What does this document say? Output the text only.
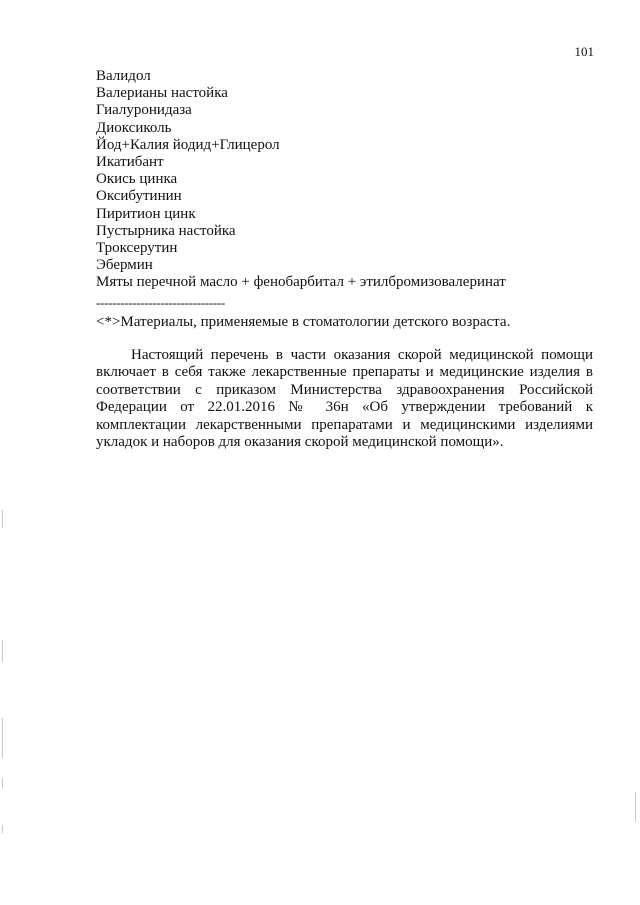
101
Валидол
Валерианы настойка
Гиалуронидаза
Диоксиколь
Йод+Калия йодид+Глицерол
Икатибант
Окись цинка
Оксибутинин
Пиритион цинк
Пустырника настойка
Троксерутин
Эбермин
Мяты перечной масло + фенобарбитал + этилбромизовалеринат
--------------------------------
<*>Материалы, применяемые в стоматологии детского возраста.

Настоящий перечень в части оказания скорой медицинской помощи включает в себя также лекарственные препараты и медицинские изделия в соответствии с приказом Министерства здравоохранения Российской Федерации от 22.01.2016 № 36н «Об утверждении требований к комплектации лекарственными препаратами и медицинскими изделиями укладок и наборов для оказания скорой медицинской помощи».
